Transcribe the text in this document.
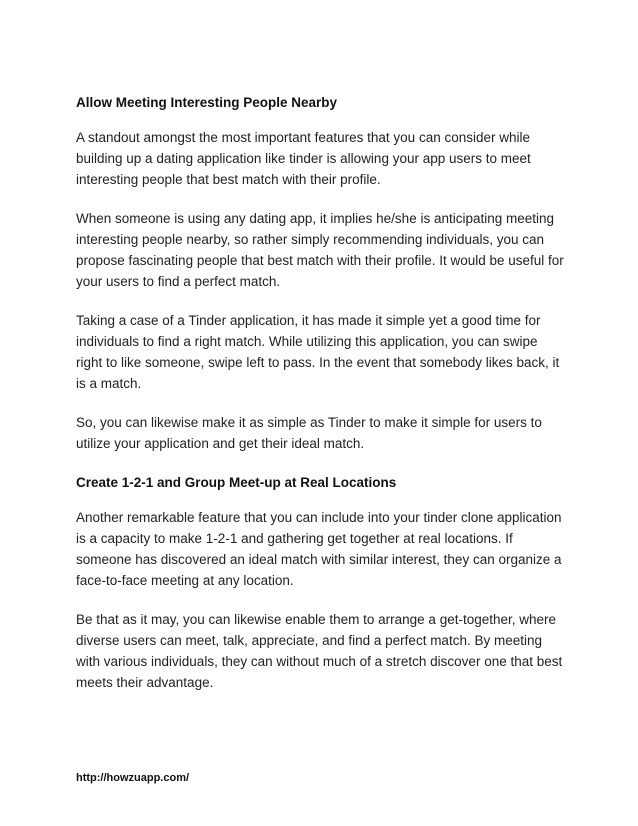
Allow Meeting Interesting People Nearby

A standout amongst the most important features that you can consider while building up a dating application like tinder is allowing your app users to meet interesting people that best match with their profile.

When someone is using any dating app, it implies he/she is anticipating meeting interesting people nearby, so rather simply recommending individuals, you can propose fascinating people that best match with their profile. It would be useful for your users to find a perfect match.

Taking a case of a Tinder application, it has made it simple yet a good time for individuals to find a right match. While utilizing this application, you can swipe right to like someone, swipe left to pass. In the event that somebody likes back, it is a match.

So, you can likewise make it as simple as Tinder to make it simple for users to utilize your application and get their ideal match.

Create 1-2-1 and Group Meet-up at Real Locations

Another remarkable feature that you can include into your tinder clone application is a capacity to make 1-2-1 and gathering get together at real locations. If someone has discovered an ideal match with similar interest, they can organize a face-to-face meeting at any location.

Be that as it may, you can likewise enable them to arrange a get-together, where diverse users can meet, talk, appreciate, and find a perfect match. By meeting with various individuals, they can without much of a stretch discover one that best meets their advantage.

http://howzuapp.com/
